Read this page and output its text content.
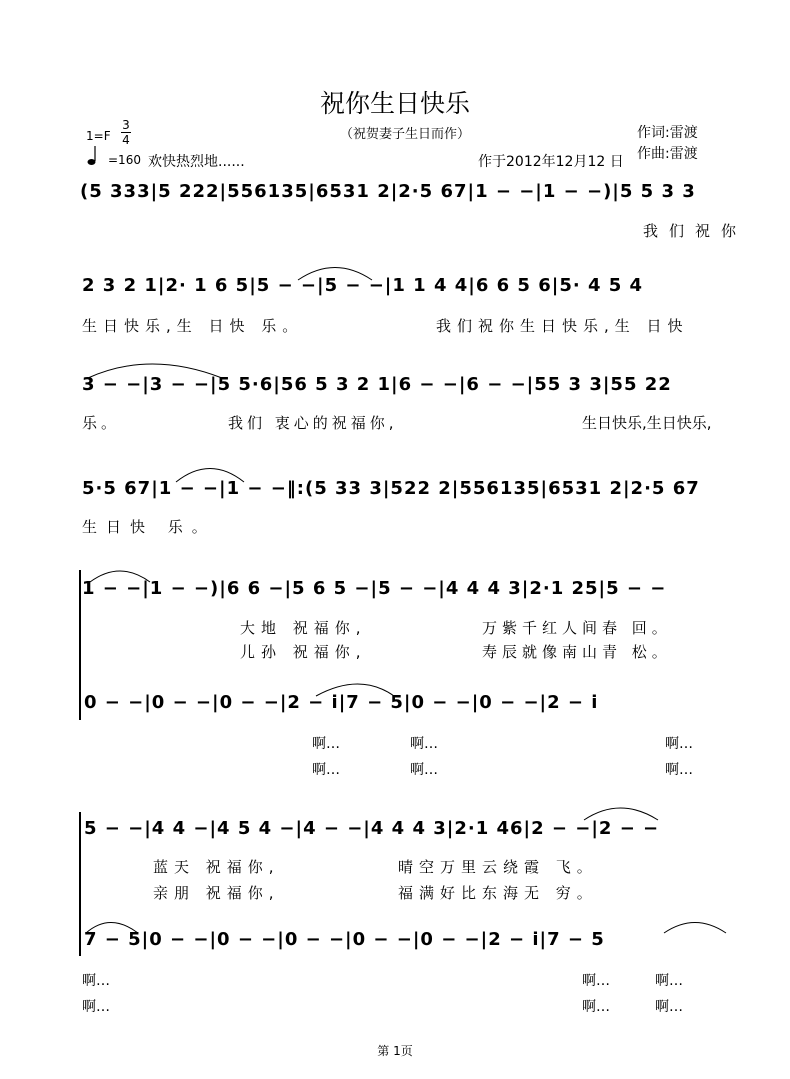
祝你生日快乐
（祝贺妻子生日而作）	作词:雷渡
作曲:雷渡
1=F
3
4
=160 欢快热烈地......	作于2012年12月12 日
(5 333|5 222|556135|6531 2|2·5 67|1 − −|1 − −)|5 5 3 3
我们祝你
2 3 2 1|2· 1 6 5|5 − −|5 − −|1 1 4 4|6 6 5 6|5· 4 5 4
生日快乐,生 日快 乐。	我们祝你生日快乐,生 日快
3 − −|3 − −|5 5·6|56 5 3 2 1|6 − −|6 − −|55 3 3|55 22
乐。	我们 衷心的祝福你,	生日快乐,生日快乐,
5·5 67|1 − −|1 − −‖:(5 33 3|522 2|556135|6531 2|2·5 67
生日快 乐。
1 − −|1 − −)|6 6 −|5 6 5 −|5 − −|4 4 4 3|2·1 25|5 − −
大地 祝福你,	万紫千红人间春 回。
儿孙 祝福你,	寿辰就像南山青 松。
0 − −|0 − −|0 − −|2 − i|7 − 5|0 − −|0 − −|2 − i
啊…	啊…	啊…
啊…	啊…	啊…
5 − −|4 4 −|4 5 4 −|4 − −|4 4 4 3|2·1 46|2 − −|2 − −
蓝天 祝福你,	晴空万里云绕霞 飞。
亲朋 祝福你,	福满好比东海无 穷。
7 − 5|0 − −|0 − −|0 − −|0 − −|0 − −|2 − i|7 − 5
啊…	啊…	啊…
啊…	啊…	啊…
第 1页
